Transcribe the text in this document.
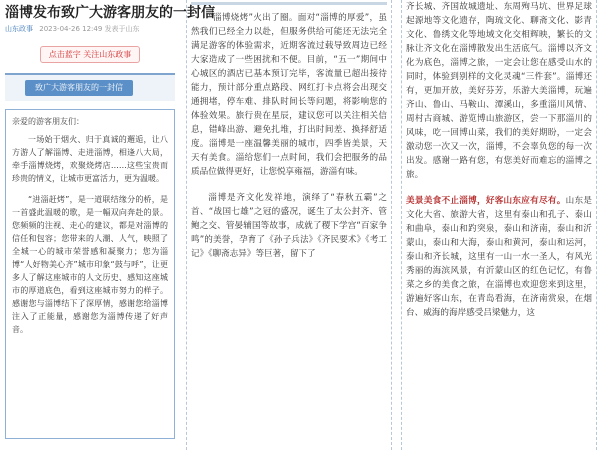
淄博发布致广大游客朋友的一封信
山东政事 2023-04-26 12:49 发表于山东
点击蓝字 关注山东政事
致广大游客朋友的一封信
亲爱的游客朋友们：

一场始于烟火、归于真诚的邂逅，让八方游人了解淄博、走进淄博，相逢八大局，牵手淄博烧烤，欢聚烧烤店……这些宝贵而珍贵的情义，让城市更富活力，更为温暖。

“进淄赶烤”，是一道联结缘分的桥，是一首盛此温暖的歌，是一幅双向奔赴的景。您频频的注视、走心的建议，都是对淄博的信任和包容；您带来的人潮、人气，映照了全城一心的城市荣誉感和凝聚力；您为淄博“人好物美心齐”城市印象“鼓与呼”，让更多人了解这座城市的人文历史、感知这座城市的厚道底色，看到这座城市努力的样子。感谢您与淄博结下了深厚情，感谢您给淄博注入了正能量，感谢您为淄博传递了好声音。

“淄博烧烤”火出了圈。面对“淄博的厚爱”，虽然我们已经全力以赴，但服务供给可能还无法完全满足游客的体验需求，近期客流过载导致周边已经大家造成了一些困扰和不便。目前，“五一”期间中心城区的酒店已基本预订完毕，客流量已超出接待能力，预计部分重点路段、网红打卡点将会出现交通拥堵，停车难、排队时间长等问题，将影响您的体验效果。旅行贵在星辰，建议您可以关注相关信息，错峰出游、避免扎堆，打出时间差、换择舒适度。淄博是一座温馨美丽的城市，四季皆美景，天天有美食。淄给您们一点时间，我们会把服务的品质品位做得更好，让您悦享雍福，游淄有味。

淄博是齐文化发祥地，演绎了“春秋五霸”之首、“战国七雄”之冠的盛况，诞生了太公封齐、管鲍之交、管晏辅国等故事，成就了稷下学宫“百家争鸣”的美誉，孕育了《孙子兵法》《齐民要术》《考工记》《聊斋志异》等巨著，留下了

齐长城、齐国故城遗址、东周殉马坑、世界足球起源地等文化遗存，陶琉文化、聊斋文化、影青文化、鲁绣文化等地域文化交相辉映，繁长的文脉让齐文化在淄博散发出生活底气。淄博以齐文化为底色，淄博之旅，一定会让您在感受山水的同时，体验到别样的文化灵魂“三件套”。淄博还有，更加开放，美好芬芳，乐游大美淄博，玩遍齐山、鲁山、马鞍山、潭溪山，多重淄川风情、周村古商城、游览博山旅游区，尝一下那淄川的风味，吃一回博山菜，我们的美好期盼，一定会激动您一次又一次，淄博，不会辜负您的每一次出发。感谢一路有您，有您美好而难忘的淄博之旅。

美景美食不止淄博，好客山东应有尽有。山东是文化大省、旅游大省，这里有泰山和孔子、泰山和曲阜，泰山和趵突泉，泰山和济南，泰山和沂蒙山，泰山和大海，泰山和黄河，泰山和运河，泰山和齐长城，这里有一山一水一圣人，有风光秀丽的海滨风景，有沂蒙山区的红色记忆，有鲁菜之乡的美食之旅，在淄博也欢迎您来到这里，游遍好客山东，在青岛看海，在济南赏泉，在烟台、威海的海岸感受吕梁魅力，这
